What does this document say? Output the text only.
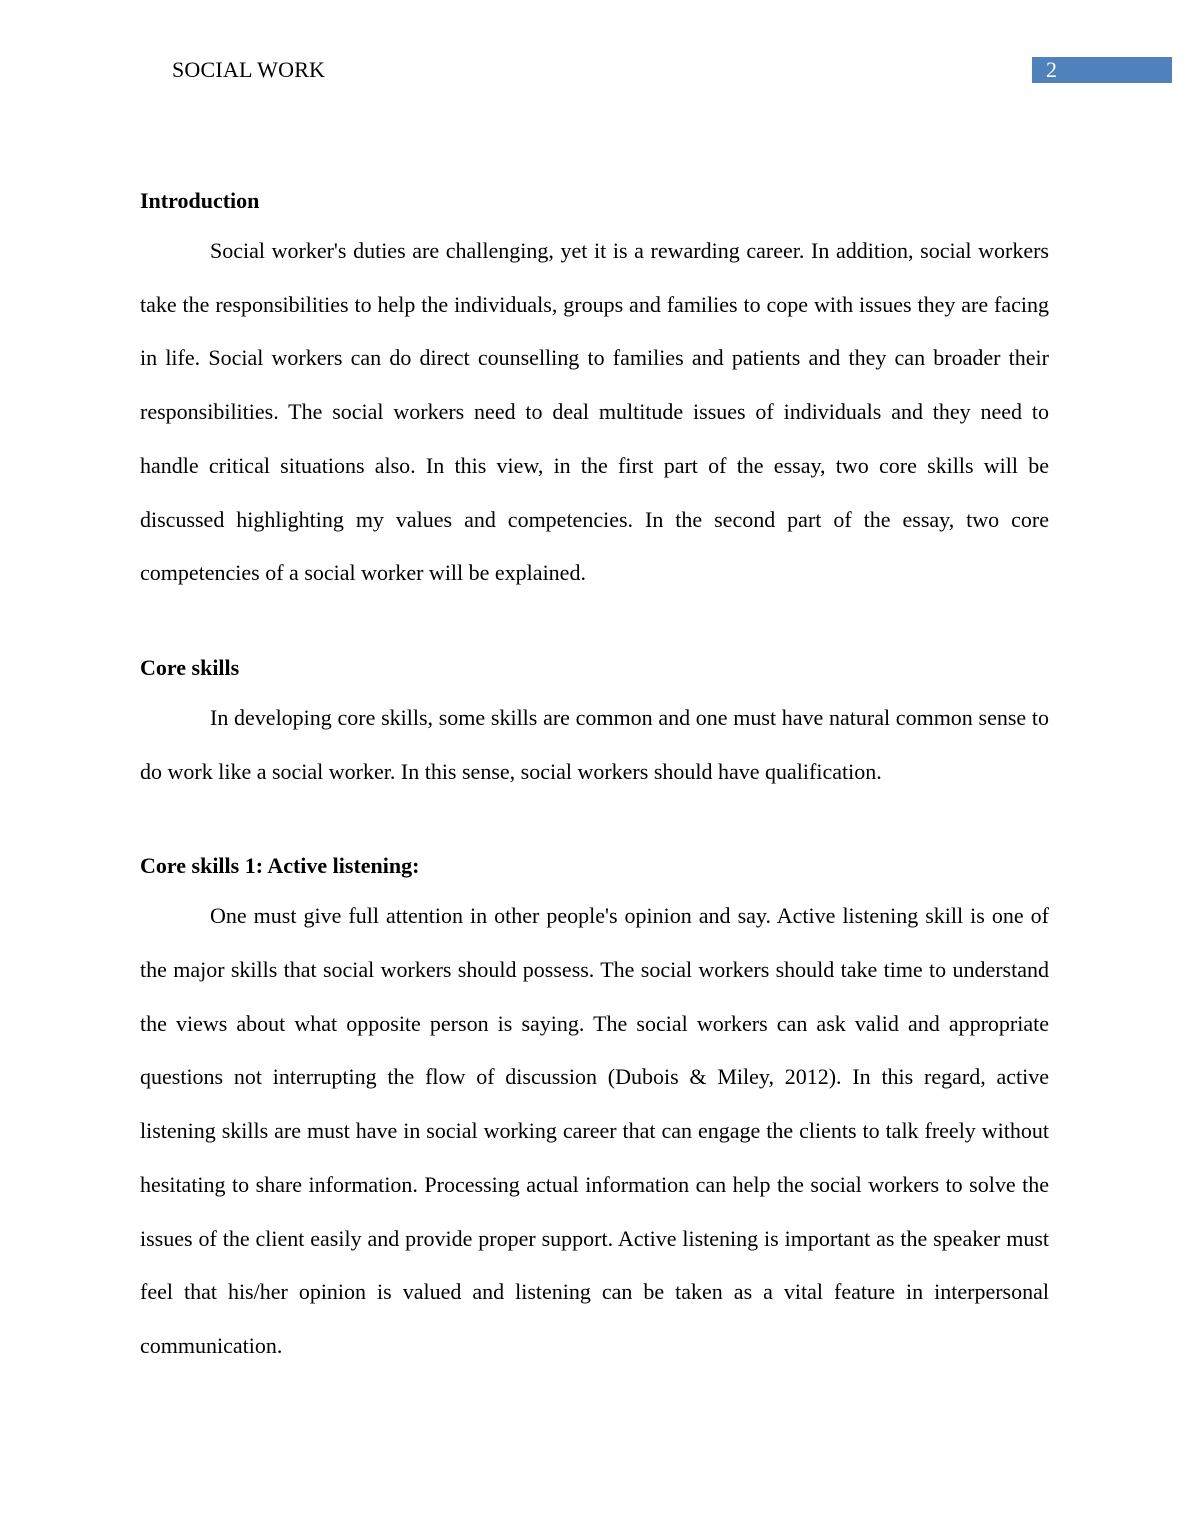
SOCIAL WORK	2
Introduction

Social worker's duties are challenging, yet it is a rewarding career. In addition, social workers take the responsibilities to help the individuals, groups and families to cope with issues they are facing in life. Social workers can do direct counselling to families and patients and they can broader their responsibilities. The social workers need to deal multitude issues of individuals and they need to handle critical situations also. In this view, in the first part of the essay, two core skills will be discussed highlighting my values and competencies. In the second part of the essay, two core competencies of a social worker will be explained.

Core skills

In developing core skills, some skills are common and one must have natural common sense to do work like a social worker. In this sense, social workers should have qualification.

Core skills 1: Active listening:

One must give full attention in other people's opinion and say. Active listening skill is one of the major skills that social workers should possess. The social workers should take time to understand the views about what opposite person is saying. The social workers can ask valid and appropriate questions not interrupting the flow of discussion (Dubois & Miley, 2012). In this regard, active listening skills are must have in social working career that can engage the clients to talk freely without hesitating to share information. Processing actual information can help the social workers to solve the issues of the client easily and provide proper support. Active listening is important as the speaker must feel that his/her opinion is valued and listening can be taken as a vital feature in interpersonal communication.
